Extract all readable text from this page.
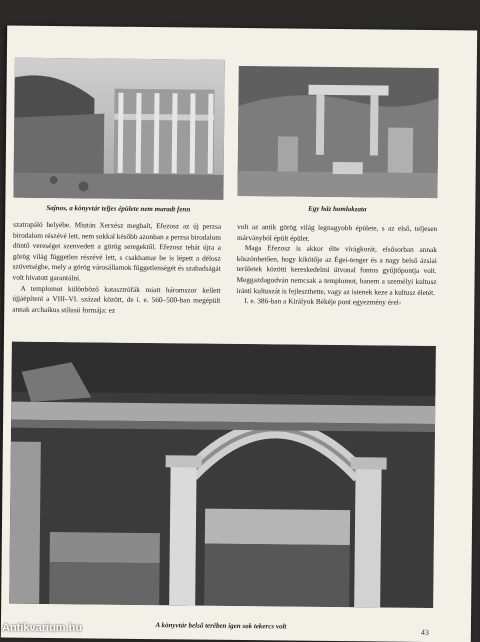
Sajnos, a könyvtár teljes épülete nem maradt fenn	Egy ház homlokzata

szatrapáló helyébe. Miután Xerxész meghalt, Efezosz az új perzsa birodalom részévé lett, nem sokkal később azonban a perzsa birodalom döntő vereséget szenvedett a görög seregektől. Efezosz tehát újra a görög világ független részévé lett, s csakhamar be is lépett a délosz szövetségbe, mely a görög városállamok függetlenségét és szabadságát volt hivatott garantálni.

A templomot különböző katasztrófák miatt háromszor kellett újjáépíteni a VIII–VI. század között, de i. e. 560–500-ban megépült annak archaikus stílusú formája: ez

volt az antik görög világ legnagyobb épülete, s az első, teljesen márványból épült épület.

Maga Efezosz is akkor élte virágkorát, elsősorban annak köszönhetően, hogy kikötője az Égei-tenger és a nagy belső ázsiai területek közötti kereskedelmi útvonal fontos gyűjtőpontja volt. Meggazdagodván nemcsak a templomot, hanem a személyi kultusz iránti kultuszát is fejleszthette, vagy az istenek keze a kultusz életét.

I. e. 386-ban a Királyok Békéje pont egyezmény érel-

A könyvtár belső terében igen sok tekercs volt
43
Antikvarium.hu
